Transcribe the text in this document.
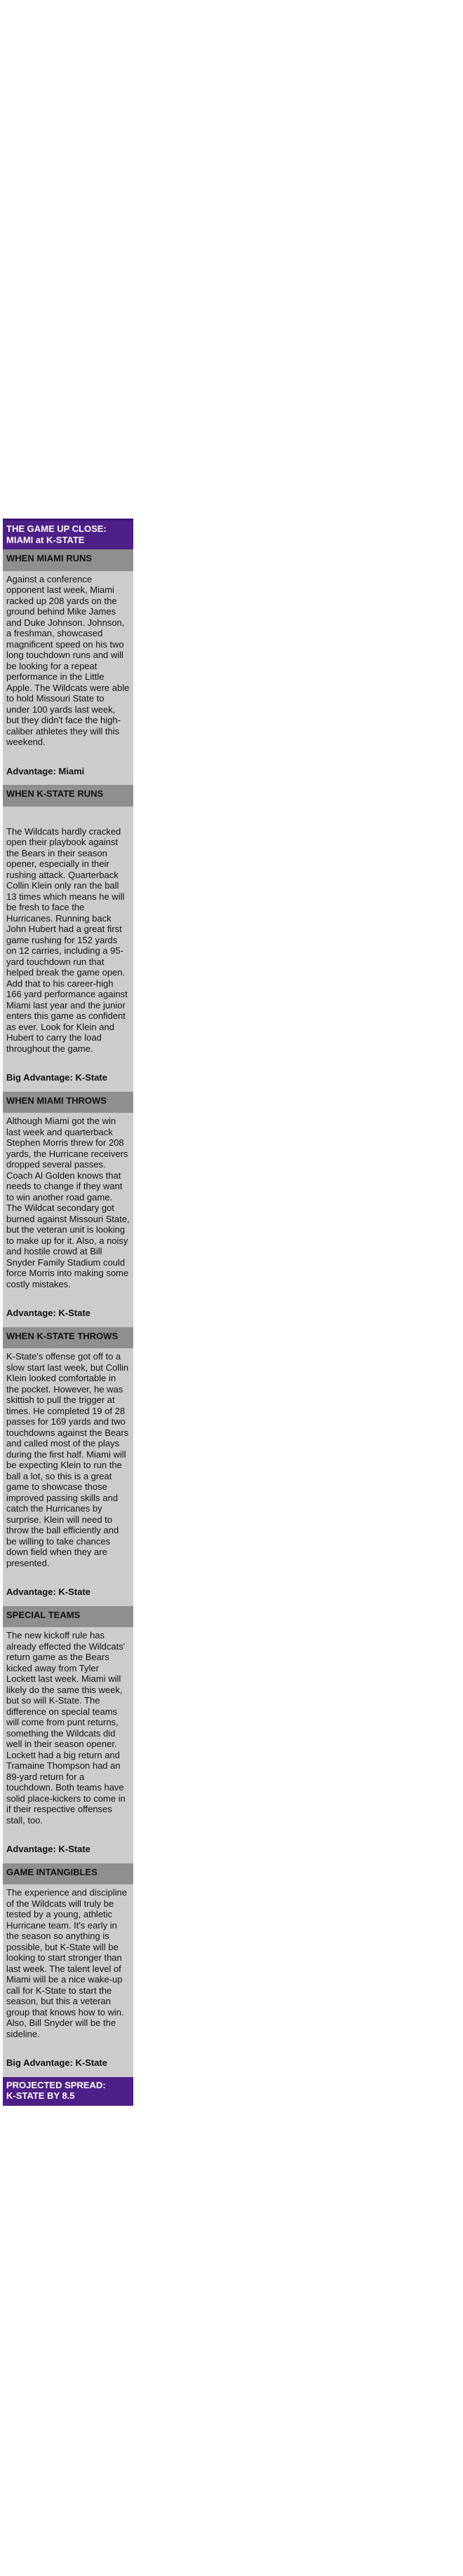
THE GAME UP CLOSE:
MIAMI at K-STATE
WHEN MIAMI RUNS

Against a conference opponent last week, Miami racked up 208 yards on the ground behind Mike James and Duke Johnson. Johnson, a freshman, showcased magnificent speed on his two long touchdown runs and will be looking for a repeat performance in the Little Apple. The Wildcats were able to hold Missouri State to under 100 yards last week, but they didn't face the high-caliber athletes they will this weekend.

Advantage: Miami
WHEN K-STATE RUNS

The Wildcats hardly cracked open their playbook against the Bears in their season opener, especially in their rushing attack. Quarterback Collin Klein only ran the ball 13 times which means he will be fresh to face the Hurricanes. Running back John Hubert had a great first game rushing for 152 yards on 12 carries, including a 95-yard touchdown run that helped break the game open. Add that to his career-high 166 yard performance against Miami last year and the junior enters this game as confident as ever. Look for Klein and Hubert to carry the load throughout the game.

Big Advantage: K-State
WHEN MIAMI THROWS

Although Miami got the win last week and quarterback Stephen Morris threw for 208 yards, the Hurricane receivers dropped several passes. Coach Al Golden knows that needs to change if they want to win another road game. The Wildcat secondary got burned against Missouri State, but the veteran unit is looking to make up for it. Also, a noisy and hostile crowd at Bill Snyder Family Stadium could force Morris into making some costly mistakes.

Advantage: K-State
WHEN K-STATE THROWS

K-State's offense got off to a slow start last week, but Collin Klein looked comfortable in the pocket. However, he was skittish to pull the trigger at times. He completed 19 of 28 passes for 169 yards and two touchdowns against the Bears and called most of the plays during the first half. Miami will be expecting Klein to run the ball a lot, so this is a great game to showcase those improved passing skills and catch the Hurricanes by surprise. Klein will need to throw the ball efficiently and be willing to take chances down field when they are presented.

Advantage: K-State
SPECIAL TEAMS

The new kickoff rule has already effected the Wildcats' return game as the Bears kicked away from Tyler Lockett last week. Miami will likely do the same this week, but so will K-State. The difference on special teams will come from punt returns, something the Wildcats did well in their season opener. Lockett had a big return and Tramaine Thompson had an 89-yard return for a touchdown. Both teams have solid place-kickers to come in if their respective offenses stall, too.

Advantage: K-State
GAME INTANGIBLES

The experience and discipline of the Wildcats will truly be tested by a young, athletic Hurricane team. It's early in the season so anything is possible, but K-State will be looking to start stronger than last week. The talent level of Miami will be a nice wake-up call for K-State to start the season, but this a veteran group that knows how to win. Also, Bill Snyder will be the sideline.

Big Advantage: K-State
PROJECTED SPREAD:
K-STATE BY 8.5
